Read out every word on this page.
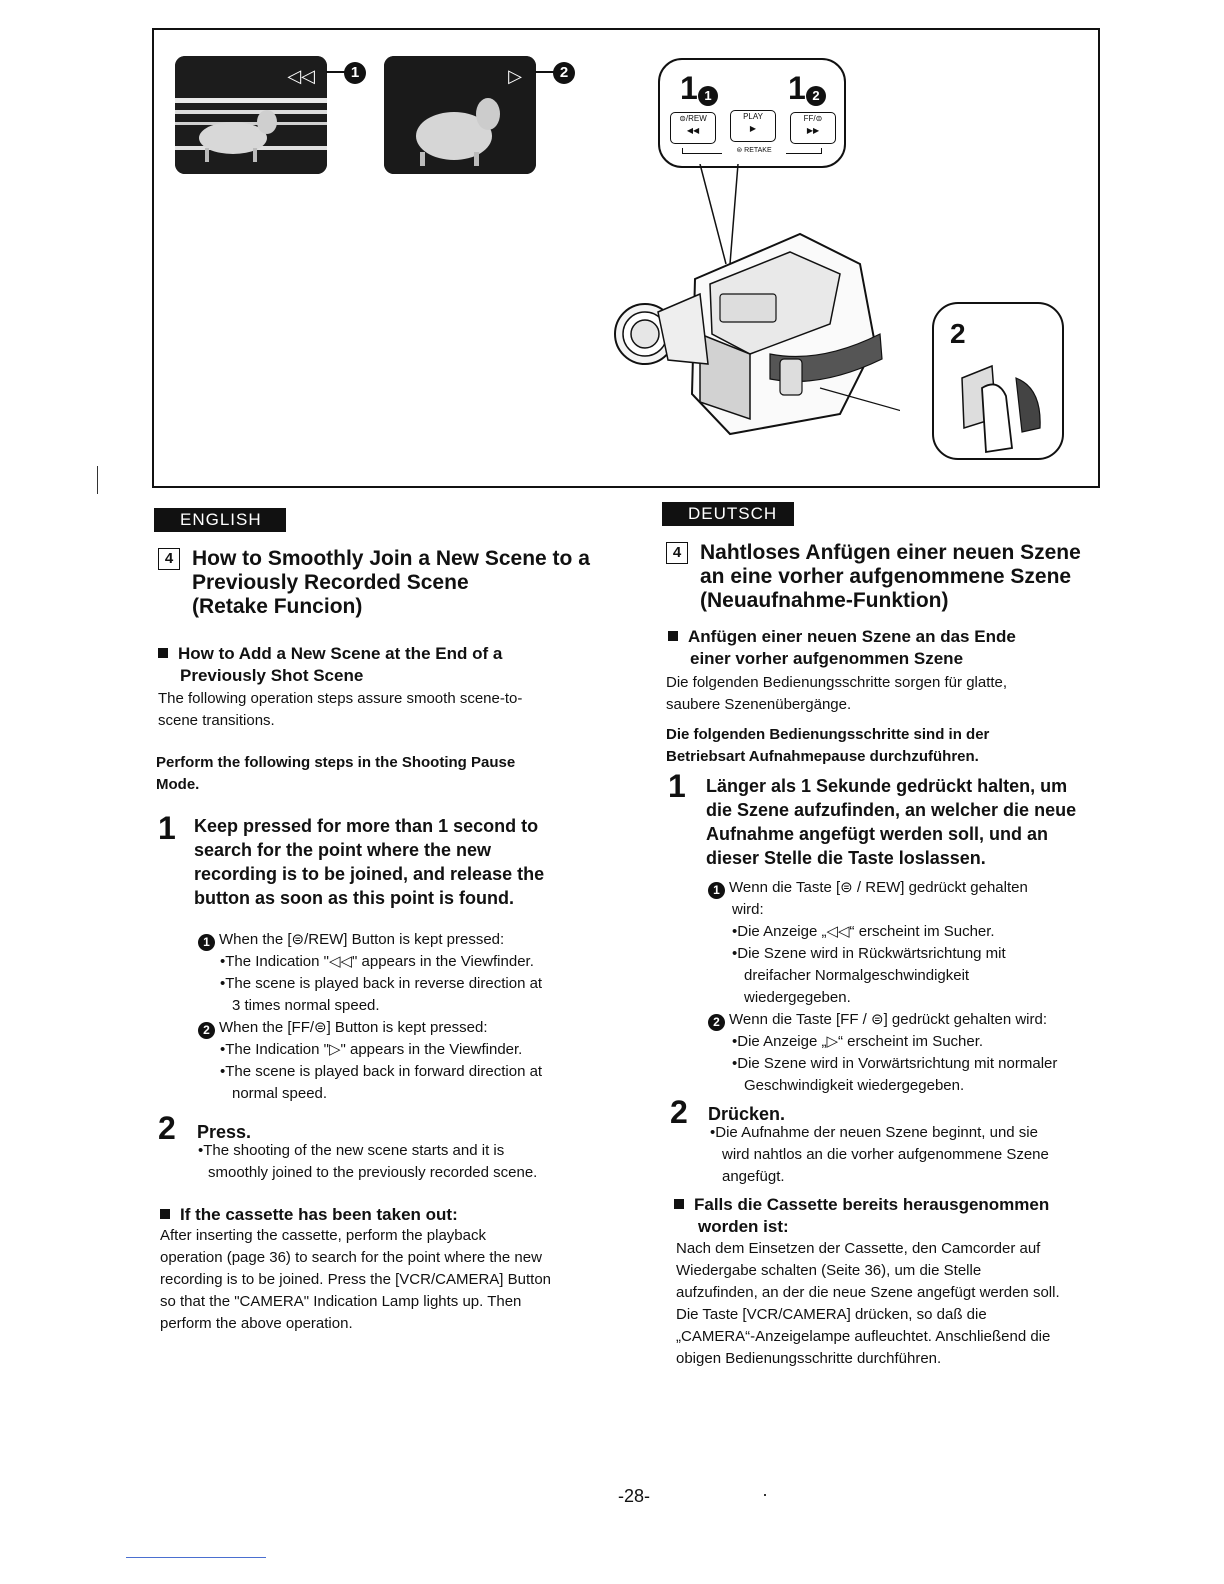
◁◁	1	▷	2	1 1 1 2
⊜/REW
◀◀
PLAY
▶
FF/⊜
▶▶
⊜ RETAKE
2
ENGLISH
4 How to Smoothly Join a New Scene to a
Previously Recorded Scene
(Retake Funcion)
How to Add a New Scene at the End of a
Previously Shot Scene
The following operation steps assure smooth scene-to-
scene transitions.
Perform the following steps in the Shooting Pause
Mode.
1 Keep pressed for more than 1 second to
search for the point where the new
recording is to be joined, and release the
button as soon as this point is found.
1 When the [⊜/REW] Button is kept pressed:
•The Indication "◁◁" appears in the Viewfinder.
•The scene is played back in reverse direction at
3 times normal speed.
2 When the [FF/⊜] Button is kept pressed:
•The Indication "▷" appears in the Viewfinder.
•The scene is played back in forward direction at
normal speed.
2 Press.
•The shooting of the new scene starts and it is
smoothly joined to the previously recorded scene.
If the cassette has been taken out:
After inserting the cassette, perform the playback
operation (page 36) to search for the point where the new
recording is to be joined. Press the [VCR/CAMERA] Button
so that the "CAMERA" Indication Lamp lights up. Then
perform the above operation.
DEUTSCH
4 Nahtloses Anfügen einer neuen Szene
an eine vorher aufgenommene Szene
(Neuaufnahme-Funktion)
Anfügen einer neuen Szene an das Ende
einer vorher aufgenommen Szene
Die folgenden Bedienungsschritte sorgen für glatte,
saubere Szenenübergänge.
Die folgenden Bedienungsschritte sind in der
Betriebsart Aufnahmepause durchzuführen.
1 Länger als 1 Sekunde gedrückt halten, um
die Szene aufzufinden, an welcher die neue
Aufnahme angefügt werden soll, und an
dieser Stelle die Taste loslassen.
1 Wenn die Taste [⊜ / REW] gedrückt gehalten
wird:
•Die Anzeige „◁◁“ erscheint im Sucher.
•Die Szene wird in Rückwärtsrichtung mit
dreifacher Normalgeschwindigkeit
wiedergegeben.
2 Wenn die Taste [FF / ⊜] gedrückt gehalten wird:
•Die Anzeige „▷“ erscheint im Sucher.
•Die Szene wird in Vorwärtsrichtung mit normaler
Geschwindigkeit wiedergegeben.
2 Drücken.
•Die Aufnahme der neuen Szene beginnt, und sie
wird nahtlos an die vorher aufgenommene Szene
angefügt.
Falls die Cassette bereits herausgenommen
worden ist:
Nach dem Einsetzen der Cassette, den Camcorder auf
Wiedergabe schalten (Seite 36), um die Stelle
aufzufinden, an der die neue Szene angefügt werden soll.
Die Taste [VCR/CAMERA] drücken, so daß die
„CAMERA“-Anzeigelampe aufleuchtet. Anschließend die
obigen Bedienungsschritte durchführen.
-28-
